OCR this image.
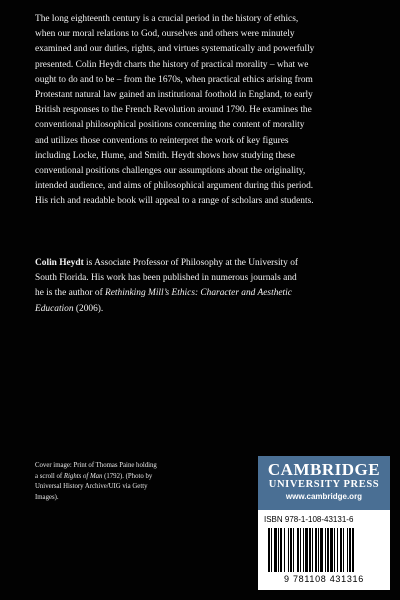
The long eighteenth century is a crucial period in the history of ethics,
when our moral relations to God, ourselves and others were minutely
examined and our duties, rights, and virtues systematically and powerfully
presented. Colin Heydt charts the history of practical morality – what we
ought to do and to be – from the 1670s, when practical ethics arising from
Protestant natural law gained an institutional foothold in England, to early
British responses to the French Revolution around 1790. He examines the
conventional philosophical positions concerning the content of morality
and utilizes those conventions to reinterpret the work of key figures
including Locke, Hume, and Smith. Heydt shows how studying these
conventional positions challenges our assumptions about the originality,
intended audience, and aims of philosophical argument during this period.
His rich and readable book will appeal to a range of scholars and students.

Colin Heydt is Associate Professor of Philosophy at the University of
South Florida. His work has been published in numerous journals and
he is the author of Rethinking Mill’s Ethics: Character and Aesthetic
Education (2006).

Cover image: Print of Thomas Paine holding
a scroll of Rights of Man (1792). (Photo by
Universal History Archive/UIG via Getty
Images).

CAMBRIDGE
UNIVERSITY PRESS
www.cambridge.org
ISBN 978-1-108-43131-6
9 781108 431316
